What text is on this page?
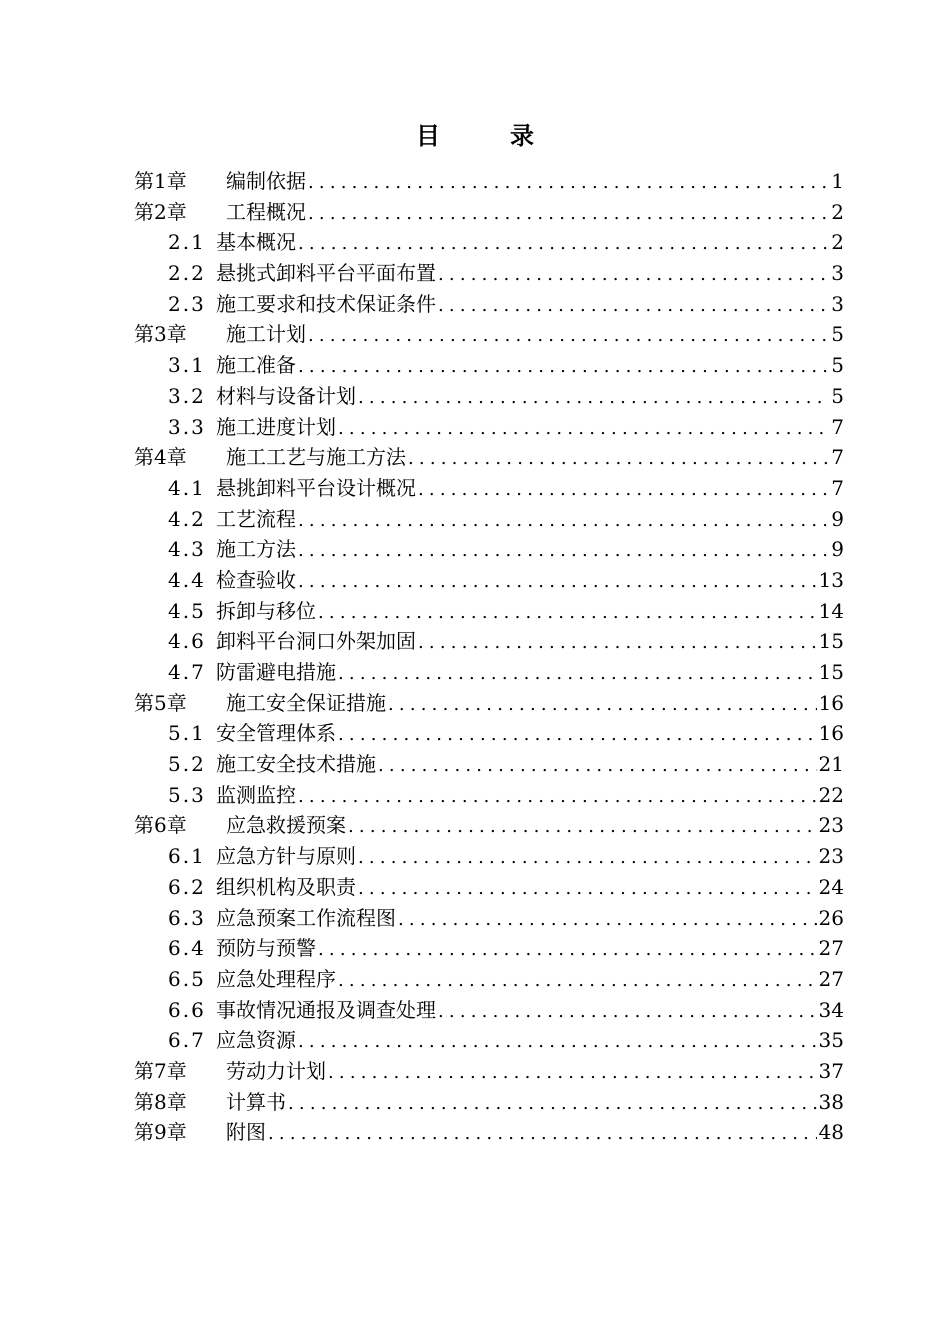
目录
第1章	编制依据 .....	1
第2章	工程概况 .....	2
2.1 基本概况 .....	2
2.2 悬挑式卸料平台平面布置 .....	3
2.3 施工要求和技术保证条件 .....	3
第3章	施工计划 .....	5
3.1 施工准备 .....	5
3.2 材料与设备计划 .....	5
3.3 施工进度计划 .....	7
第4章	施工工艺与施工方法 .....	7
4.1 悬挑卸料平台设计概况 .....	7
4.2 工艺流程 .....	9
4.3 施工方法 .....	9
4.4 检查验收 .....	13
4.5 拆卸与移位 .....	14
4.6 卸料平台洞口外架加固 .....	15
4.7 防雷避电措施 .....	15
第5章	施工安全保证措施 .....	16
5.1 安全管理体系 .....	16
5.2 施工安全技术措施 .....	21
5.3 监测监控 .....	22
第6章	应急救援预案 .....	23
6.1 应急方针与原则 .....	23
6.2 组织机构及职责 .....	24
6.3 应急预案工作流程图 .....	26
6.4 预防与预警 .....	27
6.5 应急处理程序 .....	27
6.6 事故情况通报及调查处理 .....	34
6.7 应急资源 .....	35
第7章	劳动力计划 .....	37
第8章	计算书 .....	38
第9章	附图 .....	48
